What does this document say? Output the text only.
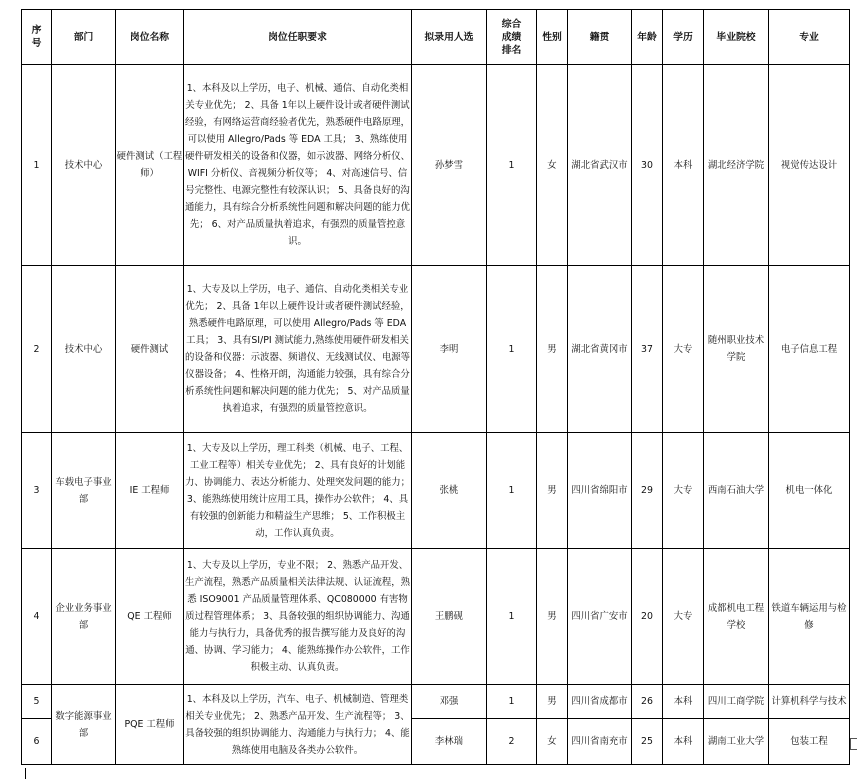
序号	部门	岗位名称	岗位任职要求	拟录用人选	综合成绩排名	性别	籍贯	年龄	学历	毕业院校	专业
1	技术中心	硬件测试（工程师）	1、本科及以上学历，电子、机械、通信、自动化类相关专业优先； 2、具备 1年以上硬件设计或者硬件测试经验，有网络运营商经验者优先，熟悉硬件电路原理，可以使用 Allegro/Pads 等 EDA 工具； 3、熟练使用硬件研发相关的设备和仪器，如示波器、网络分析仪、WIFI 分析仪、音视频分析仪等； 4、对高速信号、信号完整性、电源完整性有较深认识； 5、具备良好的沟通能力，具有综合分析系统性问题和解决问题的能力优先； 6、对产品质量执着追求，有强烈的质量管控意识。	孙梦雪	1	女	湖北省武汉市	30	本科	湖北经济学院	视觉传达设计
2	技术中心	硬件测试	1、大专及以上学历，电子、通信、自动化类相关专业优先； 2、具备 1年以上硬件设计或者硬件测试经验，熟悉硬件电路原理，可以使用 Allegro/Pads 等 EDA 工具； 3、具有SI/PI 测试能力,熟练使用硬件研发相关的设备和仪器：示波器、频谱仪、无线测试仪、电源等仪器设备； 4、性格开朗，沟通能力较强，具有综合分析系统性问题和解决问题的能力优先； 5、对产品质量执着追求，有强烈的质量管控意识。	李明	1	男	湖北省黄冈市	37	大专	随州职业技术学院	电子信息工程
3	车载电子事业部	IE 工程师	1、大专及以上学历，理工科类（机械、电子、工程、工业工程等）相关专业优先； 2、具有良好的计划能力、协调能力、表达分析能力、处理突发问题的能力； 3、能熟练使用统计应用工具，操作办公软件； 4、具有较强的创新能力和精益生产思维； 5、工作积极主动，工作认真负责。	张桃	1	男	四川省绵阳市	29	大专	西南石油大学	机电一体化
4	企业业务事业部	QE 工程师	1、大专及以上学历，专业不限； 2、熟悉产品开发、生产流程，熟悉产品质量相关法律法规、认证流程，熟悉 ISO9001 产品质量管理体系、QC080000 有害物质过程管理体系； 3、具备较强的组织协调能力、沟通能力与执行力，具备优秀的报告撰写能力及良好的沟通、协调、学习能力； 4、能熟练操作办公软件，工作积极主动、认真负责。	王鹏砚	1	男	四川省广安市	20	大专	成都机电工程学校	铁道车辆运用与检修
5	数字能源事业部	PQE 工程师	1、本科及以上学历，汽车、电子、机械制造、管理类相关专业优先； 2、熟悉产品开发、生产流程等； 3、具备较强的组织协调能力、沟通能力与执行力； 4、能熟练使用电脑及各类办公软件。	邓强	1	男	四川省成都市	26	本科	四川工商学院	计算机科学与技术
6				李林瑞	2	女	四川省南充市	25	本科	湖南工业大学	包装工程
